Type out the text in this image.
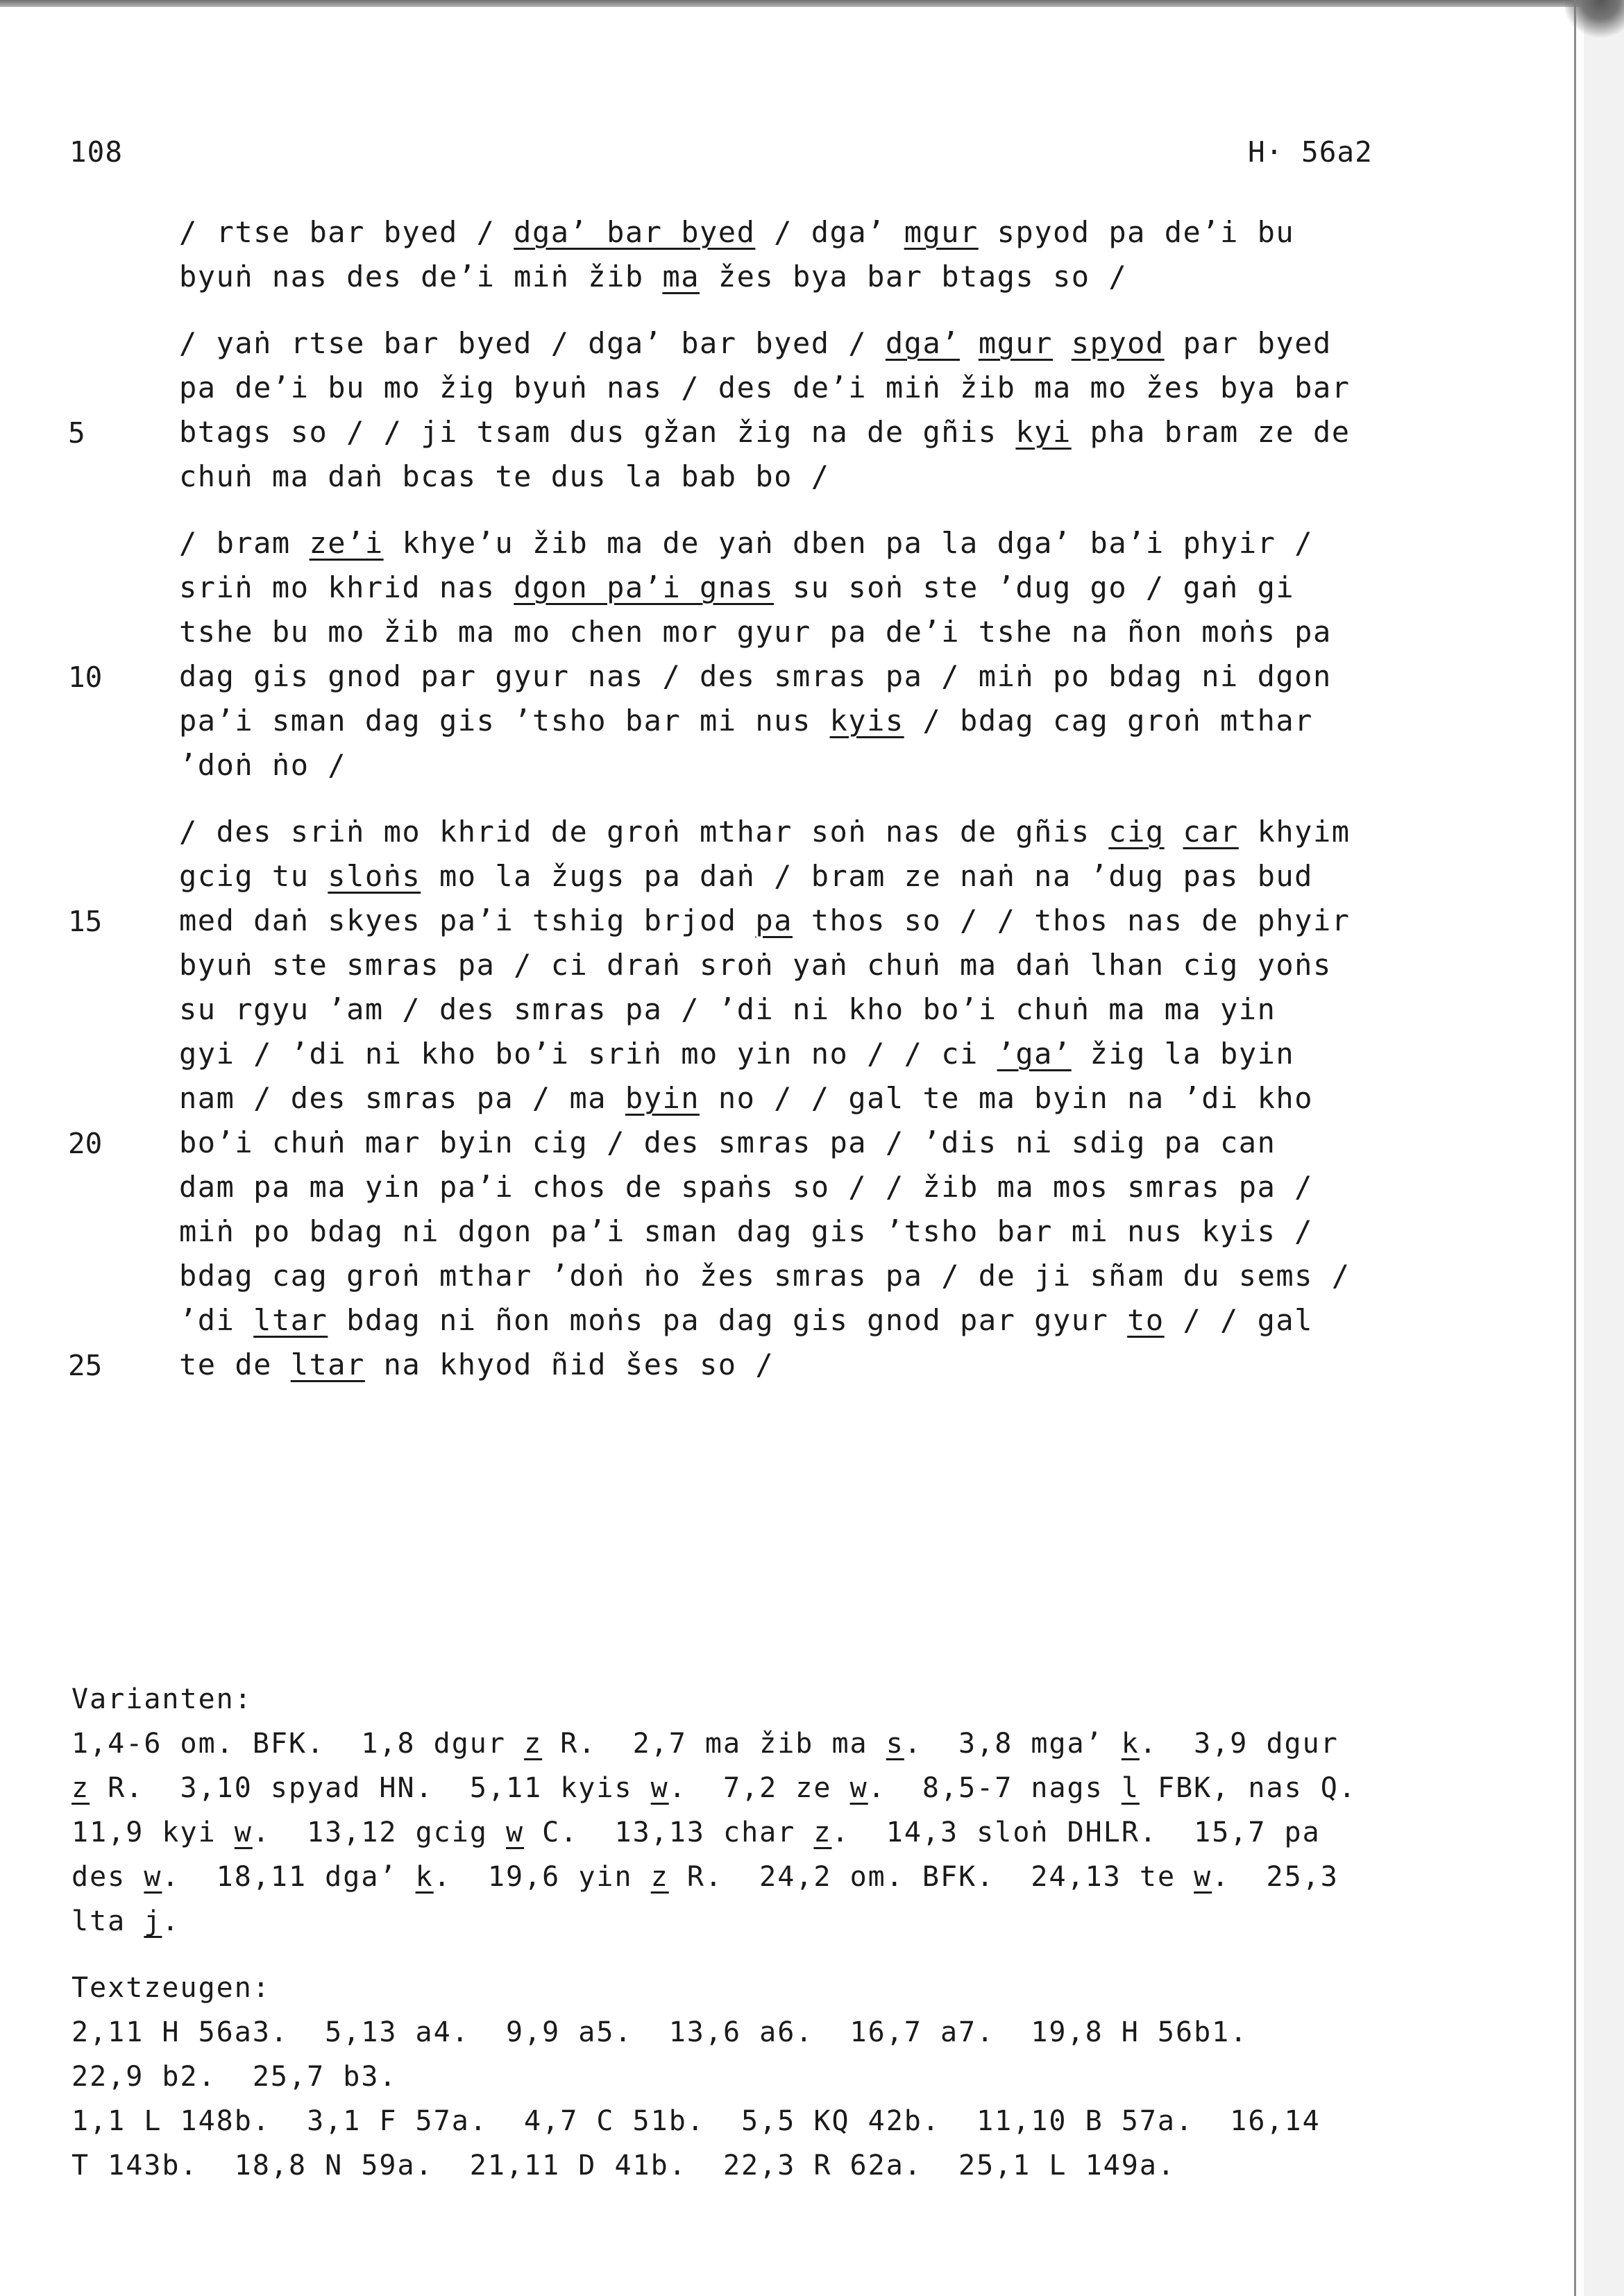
108	H· 56a2
5
10
15
20
25
/ rtse bar byed / dga’ bar byed / dga’ mgur spyod pa de’i bu
byuṅ nas des de’i miṅ žib ma žes bya bar btags so /
/ yaṅ rtse bar byed / dga’ bar byed / dga’ mgur spyod par byed
pa de’i bu mo žig byuṅ nas / des de’i miṅ žib ma mo žes bya bar
btags so / / ji tsam dus gžan žig na de gñis kyi pha bram ze de
chuṅ ma daṅ bcas te dus la bab bo /
/ bram ze’i khye’u žib ma de yaṅ dben pa la dga’ ba’i phyir /
sriṅ mo khrid nas dgon pa’i gnas su soṅ ste ’dug go / gaṅ gi
tshe bu mo žib ma mo chen mor gyur pa de’i tshe na ñon moṅs pa
dag gis gnod par gyur nas / des smras pa / miṅ po bdag ni dgon
pa’i sman dag gis ’tsho bar mi nus kyis / bdag cag groṅ mthar
’doṅ ṅo /
/ des sriṅ mo khrid de groṅ mthar soṅ nas de gñis cig car khyim
gcig tu sloṅs mo la žugs pa daṅ / bram ze naṅ na ’dug pas bud
med daṅ skyes pa’i tshig brjod pa thos so / / thos nas de phyir
byuṅ ste smras pa / ci draṅ sroṅ yaṅ chuṅ ma daṅ lhan cig yoṅs
su rgyu ’am / des smras pa / ’di ni kho bo’i chuṅ ma ma yin
gyi / ’di ni kho bo’i sriṅ mo yin no / / ci ’ga’ žig la byin
nam / des smras pa / ma byin no / / gal te ma byin na ’di kho
bo’i chuṅ mar byin cig / des smras pa / ’dis ni sdig pa can
dam pa ma yin pa’i chos de spaṅs so / / žib ma mos smras pa /
miṅ po bdag ni dgon pa’i sman dag gis ’tsho bar mi nus kyis /
bdag cag groṅ mthar ’doṅ ṅo žes smras pa / de ji sñam du sems /
’di ltar bdag ni ñon moṅs pa dag gis gnod par gyur to / / gal
te de ltar na khyod ñid šes so /
Varianten:
1,4-6 om. BFK.  1,8 dgur z R.  2,7 ma žib ma s.  3,8 mga’ k.  3,9 dgur
z R.  3,10 spyad HN.  5,11 kyis w.  7,2 ze w.  8,5-7 nags l FBK, nas Q.
11,9 kyi w.  13,12 gcig w C.  13,13 char z.  14,3 sloṅ DHLR.  15,7 pa
des w.  18,11 dga’ k.  19,6 yin z R.  24,2 om. BFK.  24,13 te w.  25,3
lta j.
Textzeugen:
2,11 H 56a3.  5,13 a4.  9,9 a5.  13,6 a6.  16,7 a7.  19,8 H 56b1.
22,9 b2.  25,7 b3.
1,1 L 148b.  3,1 F 57a.  4,7 C 51b.  5,5 KQ 42b.  11,10 B 57a.  16,14
T 143b.  18,8 N 59a.  21,11 D 41b.  22,3 R 62a.  25,1 L 149a.
